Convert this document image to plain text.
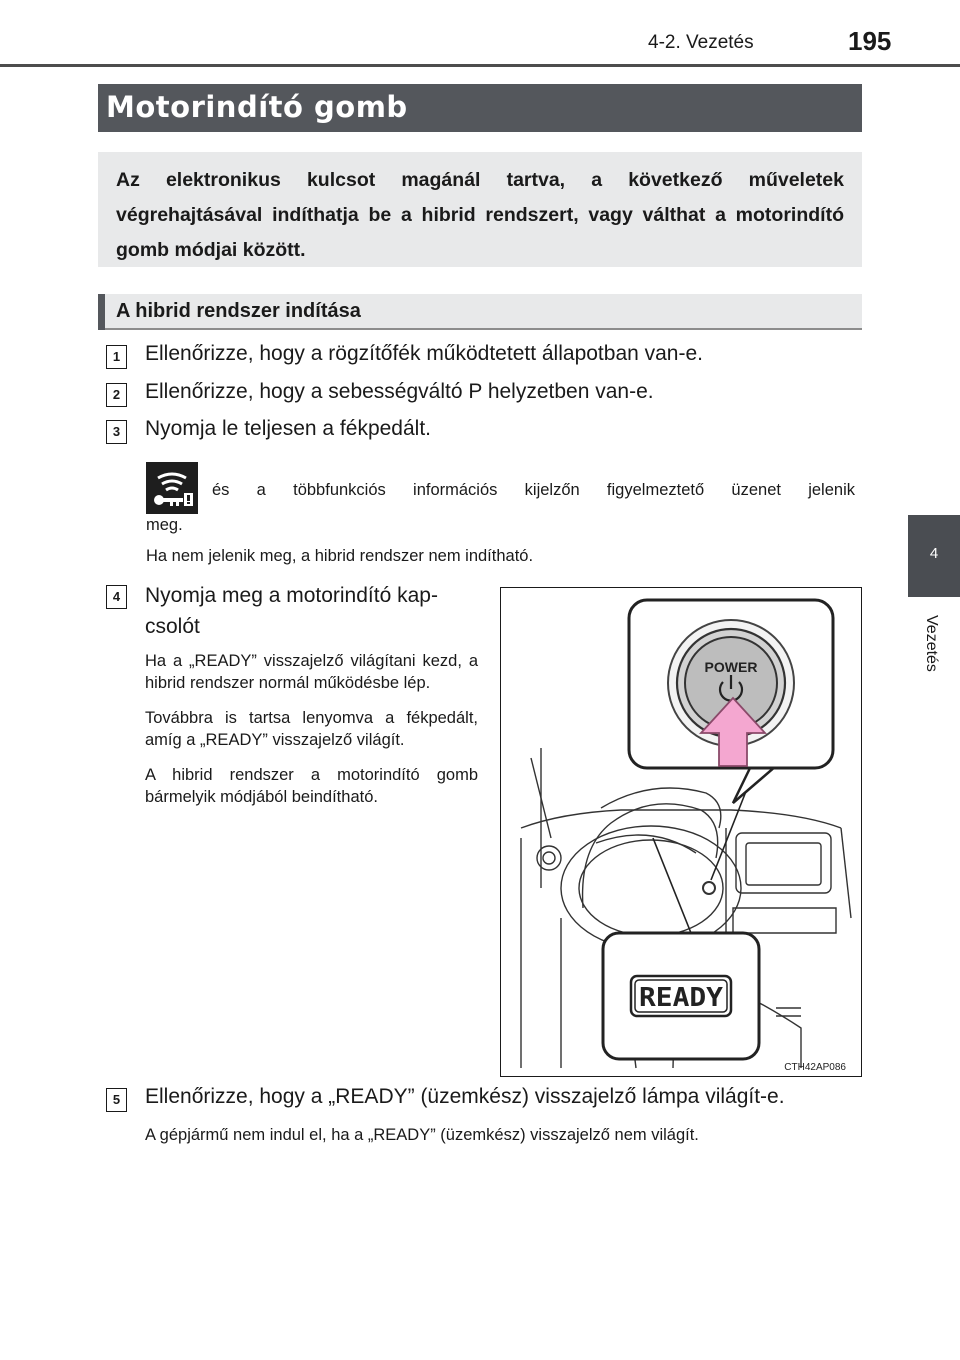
4-2. Vezetés	195
4
Vezetés
Motorindító gomb

Az elektronikus kulcsot magánál tartva, a következő műveletek végrehajtásával indíthatja be a hibrid rendszert, vagy válthat a motorindító gomb módjai között.

A hibrid rendszer indítása
1	Ellenőrizze, hogy a rögzítőfék működtetett állapotban van-e.
2	Ellenőrizze, hogy a sebességváltó P helyzetben van-e.
3	Nyomja le teljesen a fékpedált.
és a többfunkciós információs kijelzőn figyelmeztető üzenet jelenik
meg.
Ha nem jelenik meg, a hibrid rendszer nem indítható.
4	Nyomja meg a motorindító kap-
csolót

Ha a „READY” visszajelző világítani kezd, a hibrid rendszer normál működésbe lép.

Továbbra is tartsa lenyomva a fékpedált, amíg a „READY” visszajelző világít.

A hibrid rendszer a motorindító gomb bármelyik módjából beindítható.

POWER
READY
CTH42AP086
5	Ellenőrizze, hogy a „READY” (üzemkész) visszajelző lámpa világít-e.
A gépjármű nem indul el, ha a „READY” (üzemkész) visszajelző nem világít.
